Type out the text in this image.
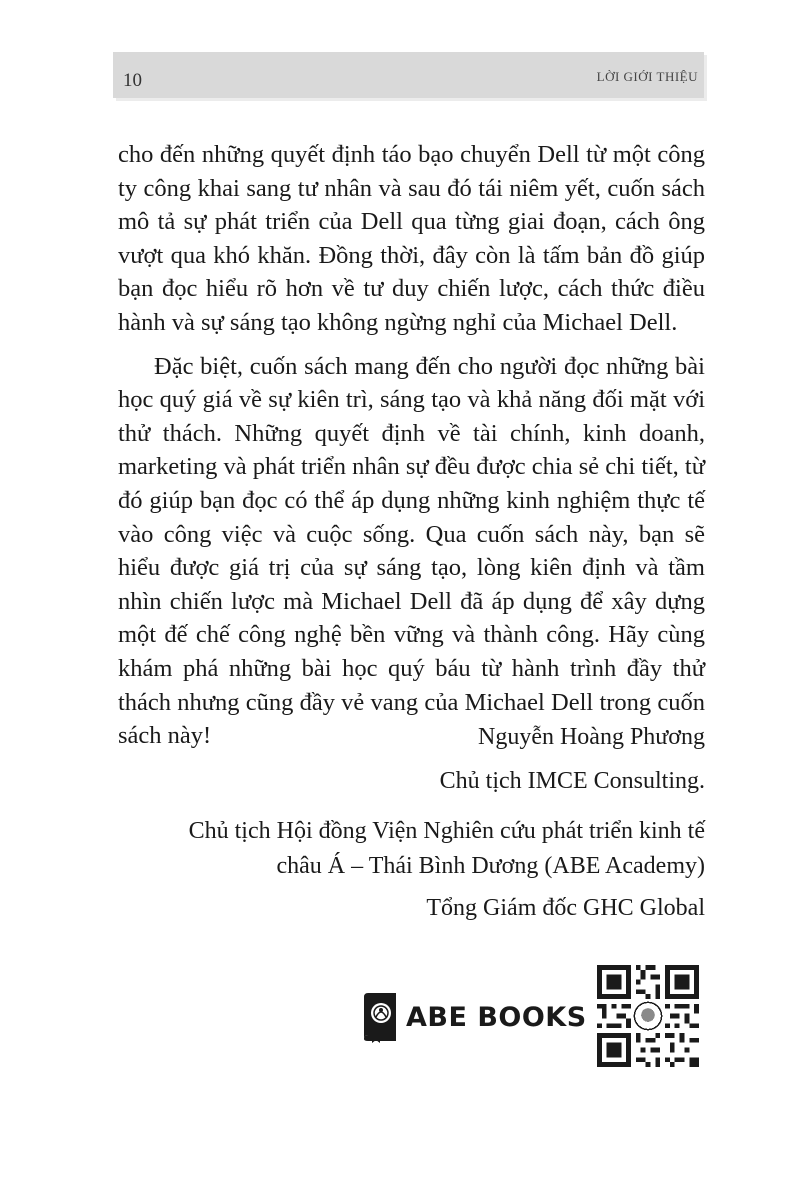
10	LỜI GIỚI THIỆU

cho đến những quyết định táo bạo chuyển Dell từ một công ty công khai sang tư nhân và sau đó tái niêm yết, cuốn sách mô tả sự phát triển của Dell qua từng giai đoạn, cách ông vượt qua khó khăn. Đồng thời, đây còn là tấm bản đồ giúp bạn đọc hiểu rõ hơn về tư duy chiến lược, cách thức điều hành và sự sáng tạo không ngừng nghỉ của Michael Dell.

Đặc biệt, cuốn sách mang đến cho người đọc những bài học quý giá về sự kiên trì, sáng tạo và khả năng đối mặt với thử thách. Những quyết định về tài chính, kinh doanh, marketing và phát triển nhân sự đều được chia sẻ chi tiết, từ đó giúp bạn đọc có thể áp dụng những kinh nghiệm thực tế vào công việc và cuộc sống. Qua cuốn sách này, bạn sẽ hiểu được giá trị của sự sáng tạo, lòng kiên định và tầm nhìn chiến lược mà Michael Dell đã áp dụng để xây dựng một đế chế công nghệ bền vững và thành công. Hãy cùng khám phá những bài học quý báu từ hành trình đầy thử thách nhưng cũng đầy vẻ vang của Michael Dell trong cuốn sách này!	Nguyễn Hoàng Phương
Chủ tịch IMCE Consulting.
Chủ tịch Hội đồng Viện Nghiên cứu phát triển kinh tế châu Á – Thái Bình Dương (ABE Academy)
Tổng Giám đốc GHC Global
ABE BOOKS
